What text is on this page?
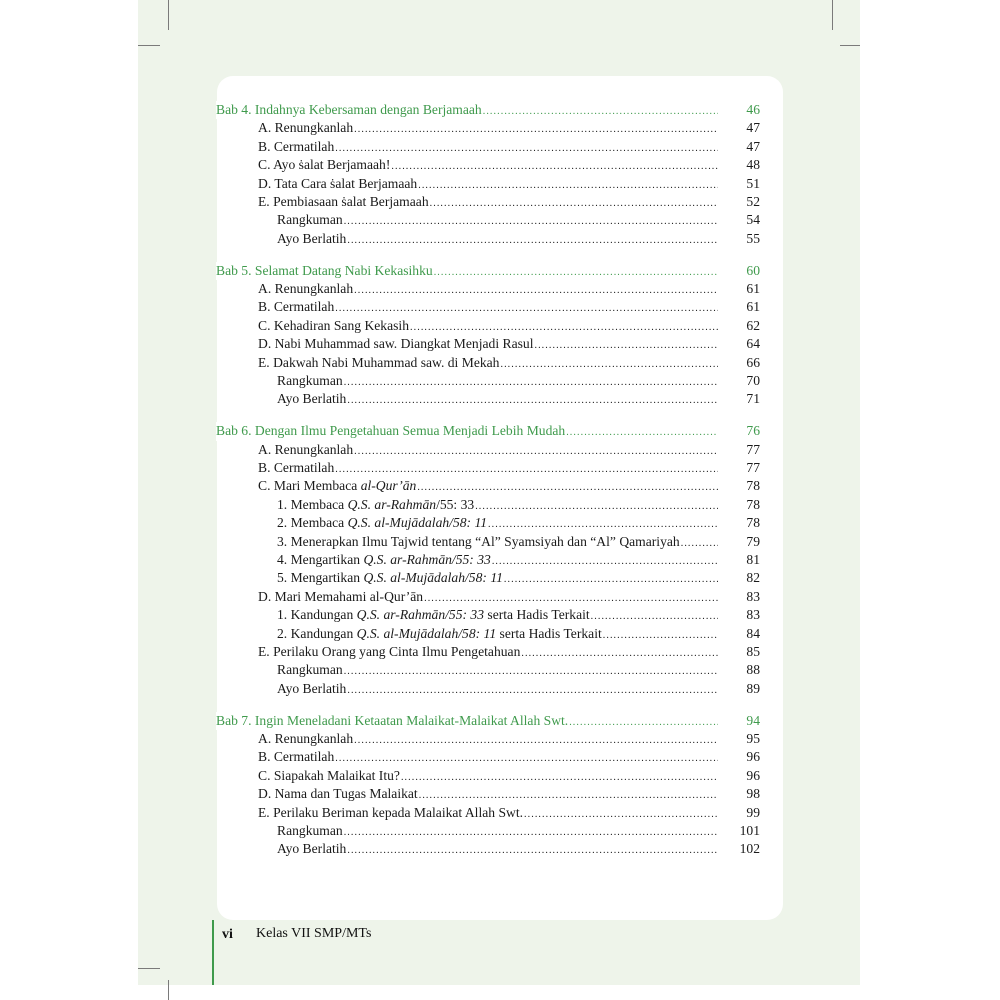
Bab 4. Indahnya Kebersaman dengan Berjamaah .....	46
A. Renungkanlah .....	47
B. Cermatilah .....	47
C. Ayo ṡalat Berjamaah! .....	48
D. Tata Cara ṡalat Berjamaah .....	51
E. Pembiasaan ṡalat Berjamaah .....	52
Rangkuman .....	54
Ayo Berlatih .....	55
Bab 5. Selamat Datang Nabi Kekasihku .....	60
A. Renungkanlah .....	61
B. Cermatilah .....	61
C. Kehadiran Sang Kekasih .....	62
D. Nabi Muhammad saw. Diangkat Menjadi Rasul .....	64
E. Dakwah Nabi Muhammad saw. di Mekah .....	66
Rangkuman .....	70
Ayo Berlatih .....	71
Bab 6. Dengan Ilmu Pengetahuan Semua Menjadi Lebih Mudah .....	76
A. Renungkanlah .....	77
B. Cermatilah .....	77
C. Mari Membaca al-Qur’ān .....	78
1. Membaca Q.S. ar-Rahmān/55: 33 .....	78
2. Membaca Q.S. al-Mujādalah/58: 11 .....	78
3. Menerapkan Ilmu Tajwid tentang “Al” Syamsiyah dan “Al” Qamariyah .....	79
4. Mengartikan Q.S. ar-Rahmān/55: 33 .....	81
5. Mengartikan Q.S. al-Mujādalah/58: 11 .....	82
D. Mari Memahami al-Qur’ān .....	83
1. Kandungan Q.S. ar-Rahmān/55: 33 serta Hadis Terkait .....	83
2. Kandungan Q.S. al-Mujādalah/58: 11 serta Hadis Terkait .....	84
E. Perilaku Orang yang Cinta Ilmu Pengetahuan .....	85
Rangkuman .....	88
Ayo Berlatih .....	89
Bab 7. Ingin Meneladani Ketaatan Malaikat-Malaikat Allah Swt. .....	94
A. Renungkanlah .....	95
B. Cermatilah .....	96
C. Siapakah Malaikat Itu? .....	96
D. Nama dan Tugas Malaikat .....	98
E. Perilaku Beriman kepada Malaikat Allah Swt. .....	99
Rangkuman .....	101
Ayo Berlatih .....	102
vi Kelas VII SMP/MTs
